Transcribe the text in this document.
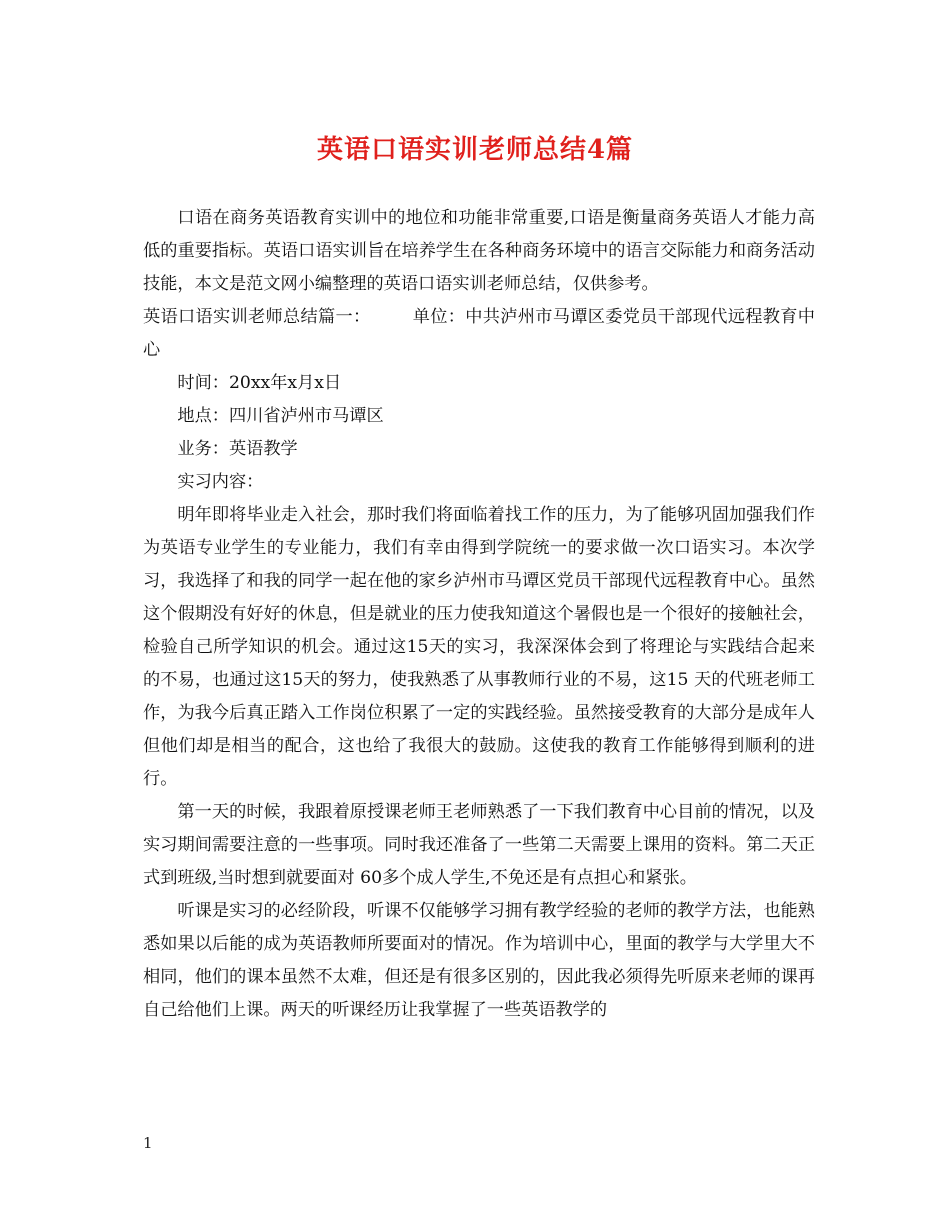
英语口语实训老师总结4篇

口语在商务英语教育实训中的地位和功能非常重要,口语是衡量商务英语人才能力高低的重要指标。英语口语实训旨在培养学生在各种商务环境中的语言交际能力和商务活动技能，本文是范文网小编整理的英语口语实训老师总结，仅供参考。

英语口语实训老师总结篇一： 单位：中共泸州市马谭区委党员干部现代远程教育中心

时间：20xx年x月x日

地点：四川省泸州市马谭区

业务：英语教学

实习内容：

明年即将毕业走入社会，那时我们将面临着找工作的压力，为了能够巩固加强我们作为英语专业学生的专业能力，我们有幸由得到学院统一的要求做一次口语实习。本次学习，我选择了和我的同学一起在他的家乡泸州市马谭区党员干部现代远程教育中心。虽然这个假期没有好好的休息，但是就业的压力使我知道这个暑假也是一个很好的接触社会，检验自己所学知识的机会。通过这15天的实习，我深深体会到了将理论与实践结合起来的不易，也通过这15天的努力，使我熟悉了从事教师行业的不易，这15 天的代班老师工作，为我今后真正踏入工作岗位积累了一定的实践经验。虽然接受教育的大部分是成年人但他们却是相当的配合，这也给了我很大的鼓励。这使我的教育工作能够得到顺利的进行。

第一天的时候，我跟着原授课老师王老师熟悉了一下我们教育中心目前的情况，以及实习期间需要注意的一些事项。同时我还准备了一些第二天需要上课用的资料。第二天正式到班级,当时想到就要面对 60多个成人学生,不免还是有点担心和紧张。

听课是实习的必经阶段，听课不仅能够学习拥有教学经验的老师的教学方法，也能熟悉如果以后能的成为英语教师所要面对的情况。作为培训中心，里面的教学与大学里大不相同，他们的课本虽然不太难，但还是有很多区别的，因此我必须得先听原来老师的课再自己给他们上课。两天的听课经历让我掌握了一些英语教学的

1
